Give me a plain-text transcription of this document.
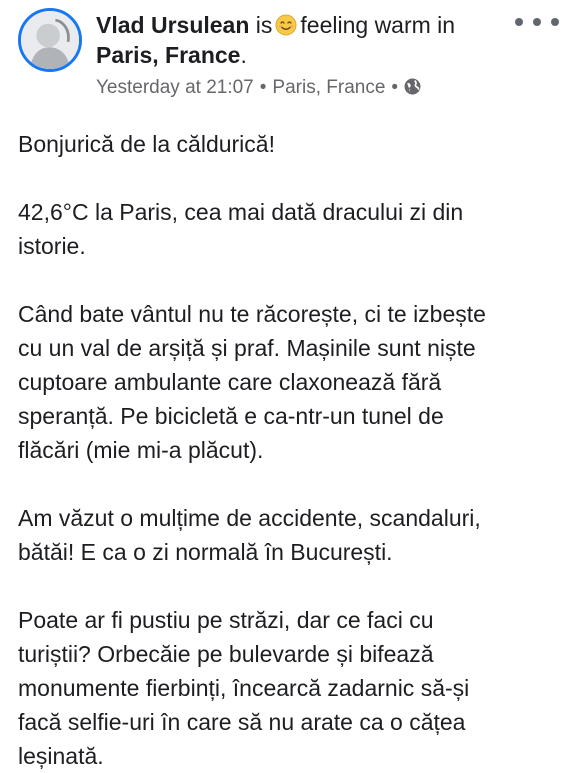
Vlad Ursulean is feeling warm in Paris, France.
Yesterday at 21:07 • Paris, France •

Bonjurică de la căldurică!

42,6°C la Paris, cea mai dată dracului zi din
istorie.

Când bate vântul nu te răcorește, ci te izbește
cu un val de arșiță și praf. Mașinile sunt niște
cuptoare ambulante care claxonează fără
speranță. Pe bicicletă e ca-ntr-un tunel de
flăcări (mie mi-a plăcut).

Am văzut o mulțime de accidente, scandaluri,
bătăi! E ca o zi normală în București.

Poate ar fi pustiu pe străzi, dar ce faci cu
turiștii? Orbecăie pe bulevarde și bifează
monumente fierbinți, încearcă zadarnic să-și
facă selfie-uri în care să nu arate ca o cățea
leșinată.
